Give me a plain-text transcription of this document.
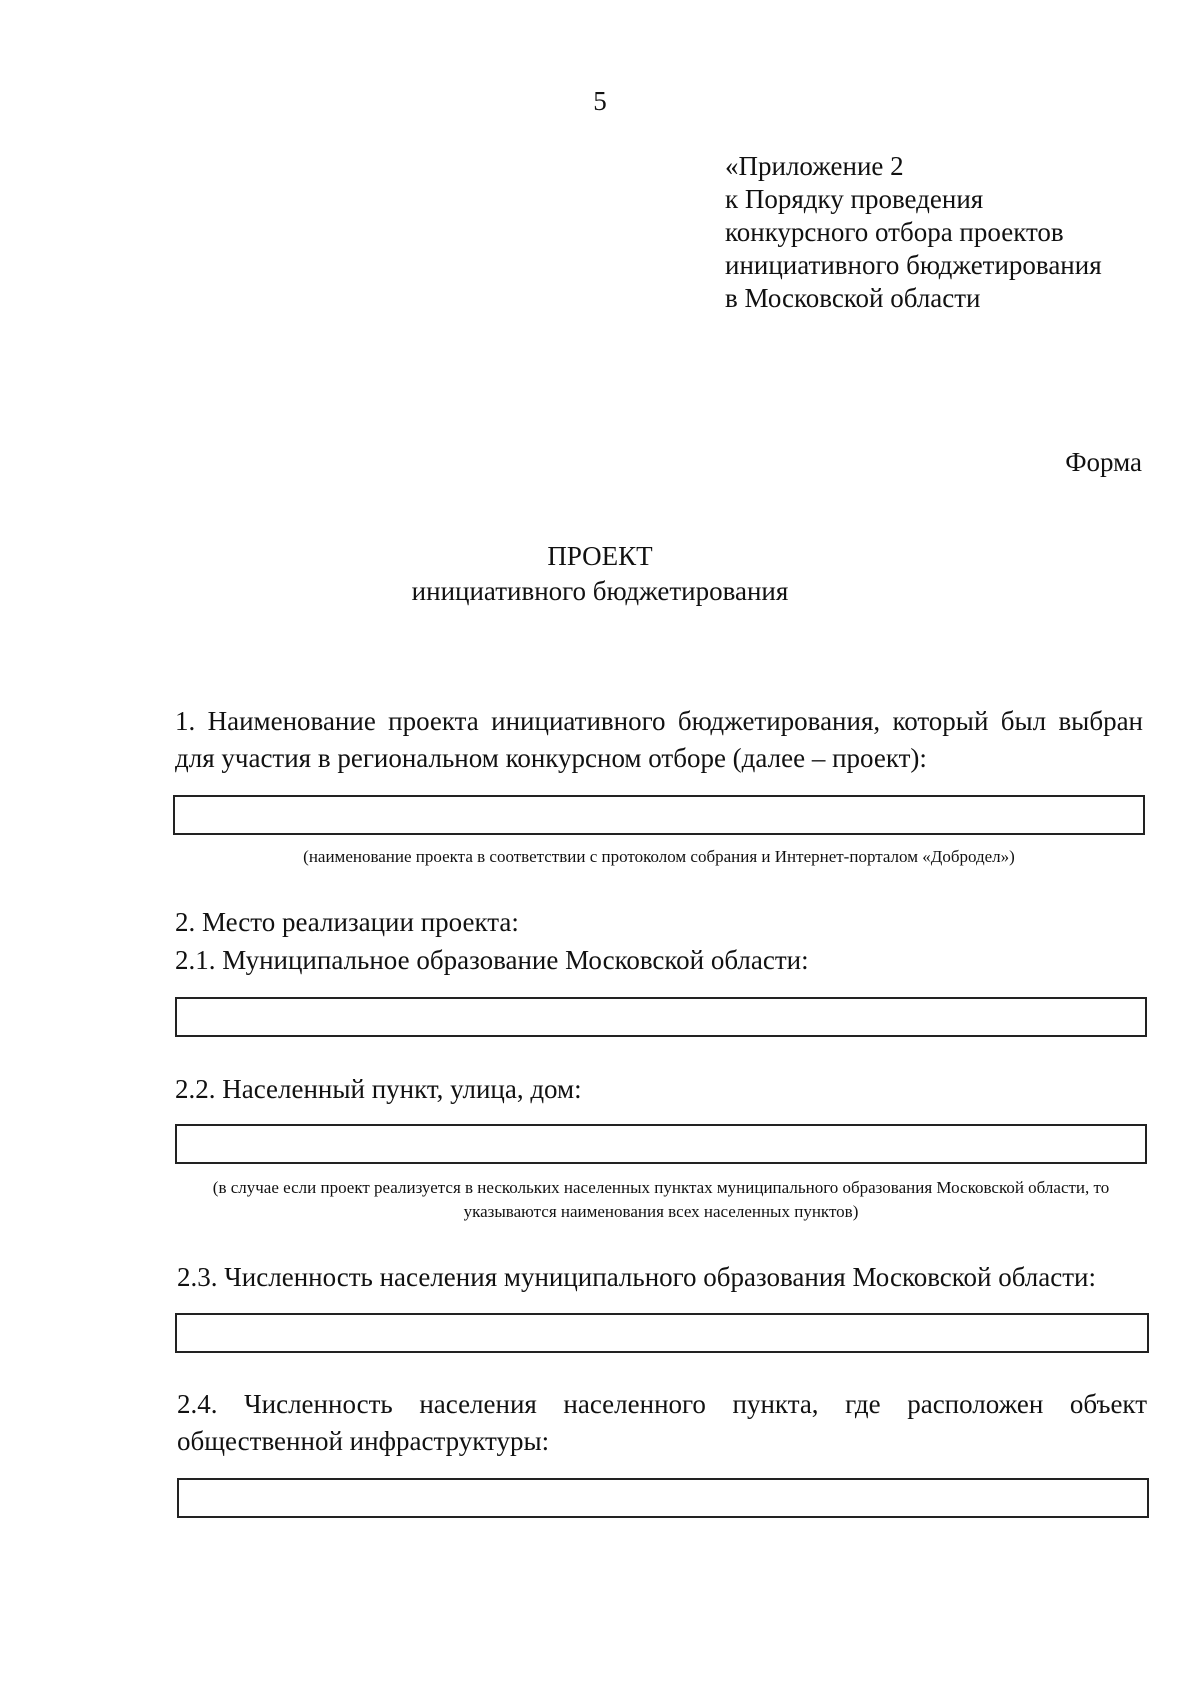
5
«Приложение 2
к Порядку проведения
конкурсного отбора проектов
инициативного бюджетирования
в Московской области
Форма
ПРОЕКТ
инициативного бюджетирования
1. Наименование проекта инициативного бюджетирования, который был выбран для участия в региональном конкурсном отборе (далее – проект):
(наименование проекта в соответствии с протоколом собрания и Интернет-порталом «Добродел»)
2. Место реализации проекта:
2.1. Муниципальное образование Московской области:
2.2. Населенный пункт, улица, дом:
(в случае если проект реализуется в нескольких населенных пунктах муниципального образования Московской области, то указываются наименования всех населенных пунктов)
2.3. Численность населения муниципального образования Московской области:
2.4. Численность населения населенного пункта, где расположен объект общественной инфраструктуры:
